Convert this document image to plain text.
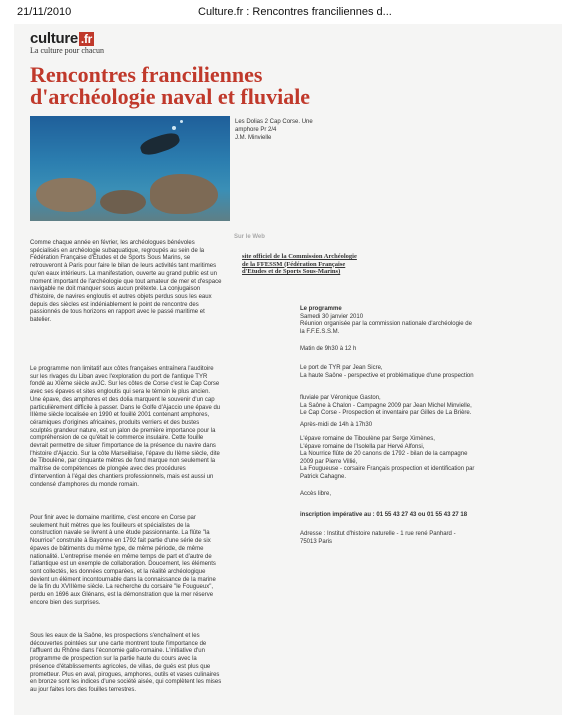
21/11/2010	Culture.fr : Rencontres franciliennes d...
culture .fr
La culture pour chacun
Rencontres franciliennes
d'archéologie naval et fluviale
Les Dolias 2 Cap Corse. Une amphore Pr 2/4
J.M. Minvielle
Sur le Web
site officiel de la Commission Archéologie de la FFESSM (Fédération Française d'Etudes et de Sports Sous-Marins)

Comme chaque année en février, les archéologues bénévoles spécialisés en archéologie subaquatique, regroupés au sein de la Fédération Française d'Études et de Sports Sous Marins, se retrouveront à Paris pour faire le bilan de leurs activités tant maritimes qu'en eaux intérieurs. La manifestation, ouverte au grand public est un moment important de l'archéologie que tout amateur de mer et d'espace navigable ne doit manquer sous aucun prétexte. La conjugaison d'histoire, de navires engloutis et autres objets perdus sous les eaux depuis des siècles est indéniablement le point de rencontre des passionnés de tous horizons en rapport avec le passé maritime et batelier.

Le programme non limitatif aux côtes françaises entraînera l'auditoire sur les rivages du Liban avec l'exploration du port de l'antique TYR fondé au XIème siècle avJC. Sur les côtes de Corse c'est le Cap Corse avec ses épaves et sites engloutis qui sera le témoin le plus ancien. Une épave, des amphores et des dolia marquent le souvenir d'un cap particulièrement difficile à passer. Dans le Golfe d'Ajaccio une épave du IIIème siècle localisée en 1990 et fouillé 2001 contenant amphores, céramiques d'origines africaines, produits verriers et des bustes sculptés grandeur nature, est un jalon de première importance pour la compréhension de ce qu'était le commerce insulaire. Cette fouille devrait permettre de situer l'importance de la présence du navire dans l'histoire d'Ajaccio. Sur la côte Marseillaise, l'épave du IIème siècle, dite de Tiboulène, par cinquante mètres de fond marque non seulement la maîtrise de compétences de plongée avec des procédures d'intervention à l'égal des chantiers professionnels, mais est aussi un condensé d'amphores du monde romain.

Pour finir avec le domaine maritime, c'est encore en Corse par seulement huit mètres que les fouilleurs et spécialistes de la construction navale se livrent à une étude passionnante. La flûte "la Nourrice" construite à Bayonne en 1792 fait partie d'une série de six épaves de bâtiments du même type, de même période, de même nationalité. L'entreprise menée en même temps de part et d'autre de l'atlantique est un exemple de collaboration. Doucement, les éléments sont collectés, les données comparées, et la réalité archéologique devient un élément incontournable dans la connaissance de la marine de la fin du XVIIIème siècle. La recherche du corsaire "le Fougueux", perdu en 1696 aux Glénans, est la démonstration que la mer réserve encore bien des surprises.

Sous les eaux de la Saône, les prospections s'enchaînent et les découvertes pointées sur une carte montrent toute l'importance de l'affluent du Rhône dans l'économie gallo-romaine. L'initiative d'un programme de prospection sur la partie haute du cours avec la présence d'établissements agricoles, de villas, de gués est plus que prometteur. Plus en aval, pirogues, amphores, outils et vases culinaires en bronze sont les indices d'une société aisée, qui complètent les mises au jour faites lors des fouilles terrestres.

Le programme
Samedi 30 janvier 2010
Réunion organisée par la commission nationale d'archéologie de
la F.F.E.S.S.M.
Matin de 9h30 à 12 h
Le port de TYR par Jean Sicre,
La haute Saône - perspective et problématique d'une prospection
fluviale par Véronique Gaston,
La Saône à Chalon - Campagne 2009 par Jean Michel Minvielle,
Le Cap Corse - Prospection et inventaire par Gilles de La Brière.
Après-midi de 14h à 17h30
L'épave romaine de Tiboulène par Serge Ximènes,
L'épave romaine de l'Isolella par Hervé Alfonsi,
La Nourrice flûte de 20 canons de 1792 - bilan de la campagne
2009 par Pierre Villié,
La Fougueuse - corsaire Français prospection et identification par
Patrick Cahagne.
Accès libre,
inscription impérative au : 01 55 43 27 43 ou 01 55 43 27 18
Adresse : Institut d'histoire naturelle - 1 rue rené Panhard -
75013 Paris
